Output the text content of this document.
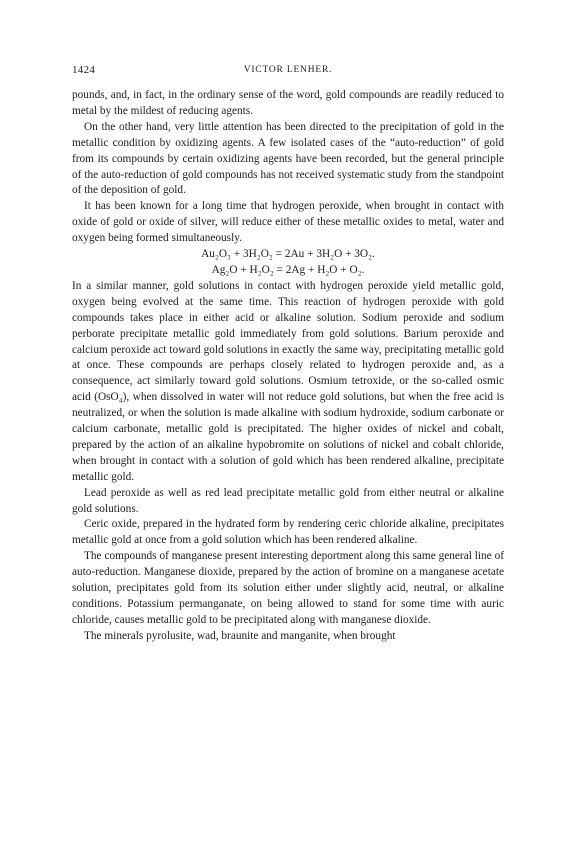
1424	VICTOR LENHER.

pounds, and, in fact, in the ordinary sense of the word, gold compounds are readily reduced to metal by the mildest of reducing agents.

On the other hand, very little attention has been directed to the precipitation of gold in the metallic condition by oxidizing agents. A few isolated cases of the “auto-reduction” of gold from its compounds by certain oxidizing agents have been recorded, but the general principle of the auto-reduction of gold compounds has not received systematic study from the standpoint of the deposition of gold.

It has been known for a long time that hydrogen peroxide, when brought in contact with oxide of gold or oxide of silver, will reduce either of these metallic oxides to metal, water and oxygen being formed simultaneously.

Au₂O₃ + 3H₂O₂ = 2Au + 3H₂O + 3O₂.
Ag₂O + H₂O₂ = 2Ag + H₂O + O₂.

In a similar manner, gold solutions in contact with hydrogen peroxide yield metallic gold, oxygen being evolved at the same time. This reaction of hydrogen peroxide with gold compounds takes place in either acid or alkaline solution. Sodium peroxide and sodium perborate precipitate metallic gold immediately from gold solutions. Barium peroxide and calcium peroxide act toward gold solutions in exactly the same way, precipitating metallic gold at once. These compounds are perhaps closely related to hydrogen peroxide and, as a consequence, act similarly toward gold solutions. Osmium tetroxide, or the so-called osmic acid (OsO₄), when dissolved in water will not reduce gold solutions, but when the free acid is neutralized, or when the solution is made alkaline with sodium hydroxide, sodium carbonate or calcium carbonate, metallic gold is precipitated. The higher oxides of nickel and cobalt, prepared by the action of an alkaline hypobromite on solutions of nickel and cobalt chloride, when brought in contact with a solution of gold which has been rendered alkaline, precipitate metallic gold.

Lead peroxide as well as red lead precipitate metallic gold from either neutral or alkaline gold solutions.

Ceric oxide, prepared in the hydrated form by rendering ceric chloride alkaline, precipitates metallic gold at once from a gold solution which has been rendered alkaline.

The compounds of manganese present interesting deportment along this same general line of auto-reduction. Manganese dioxide, prepared by the action of bromine on a manganese acetate solution, precipitates gold from its solution either under slightly acid, neutral, or alkaline conditions. Potassium permanganate, on being allowed to stand for some time with auric chloride, causes metallic gold to be precipitated along with manganese dioxide.

The minerals pyrolusite, wad, braunite and manganite, when brought
